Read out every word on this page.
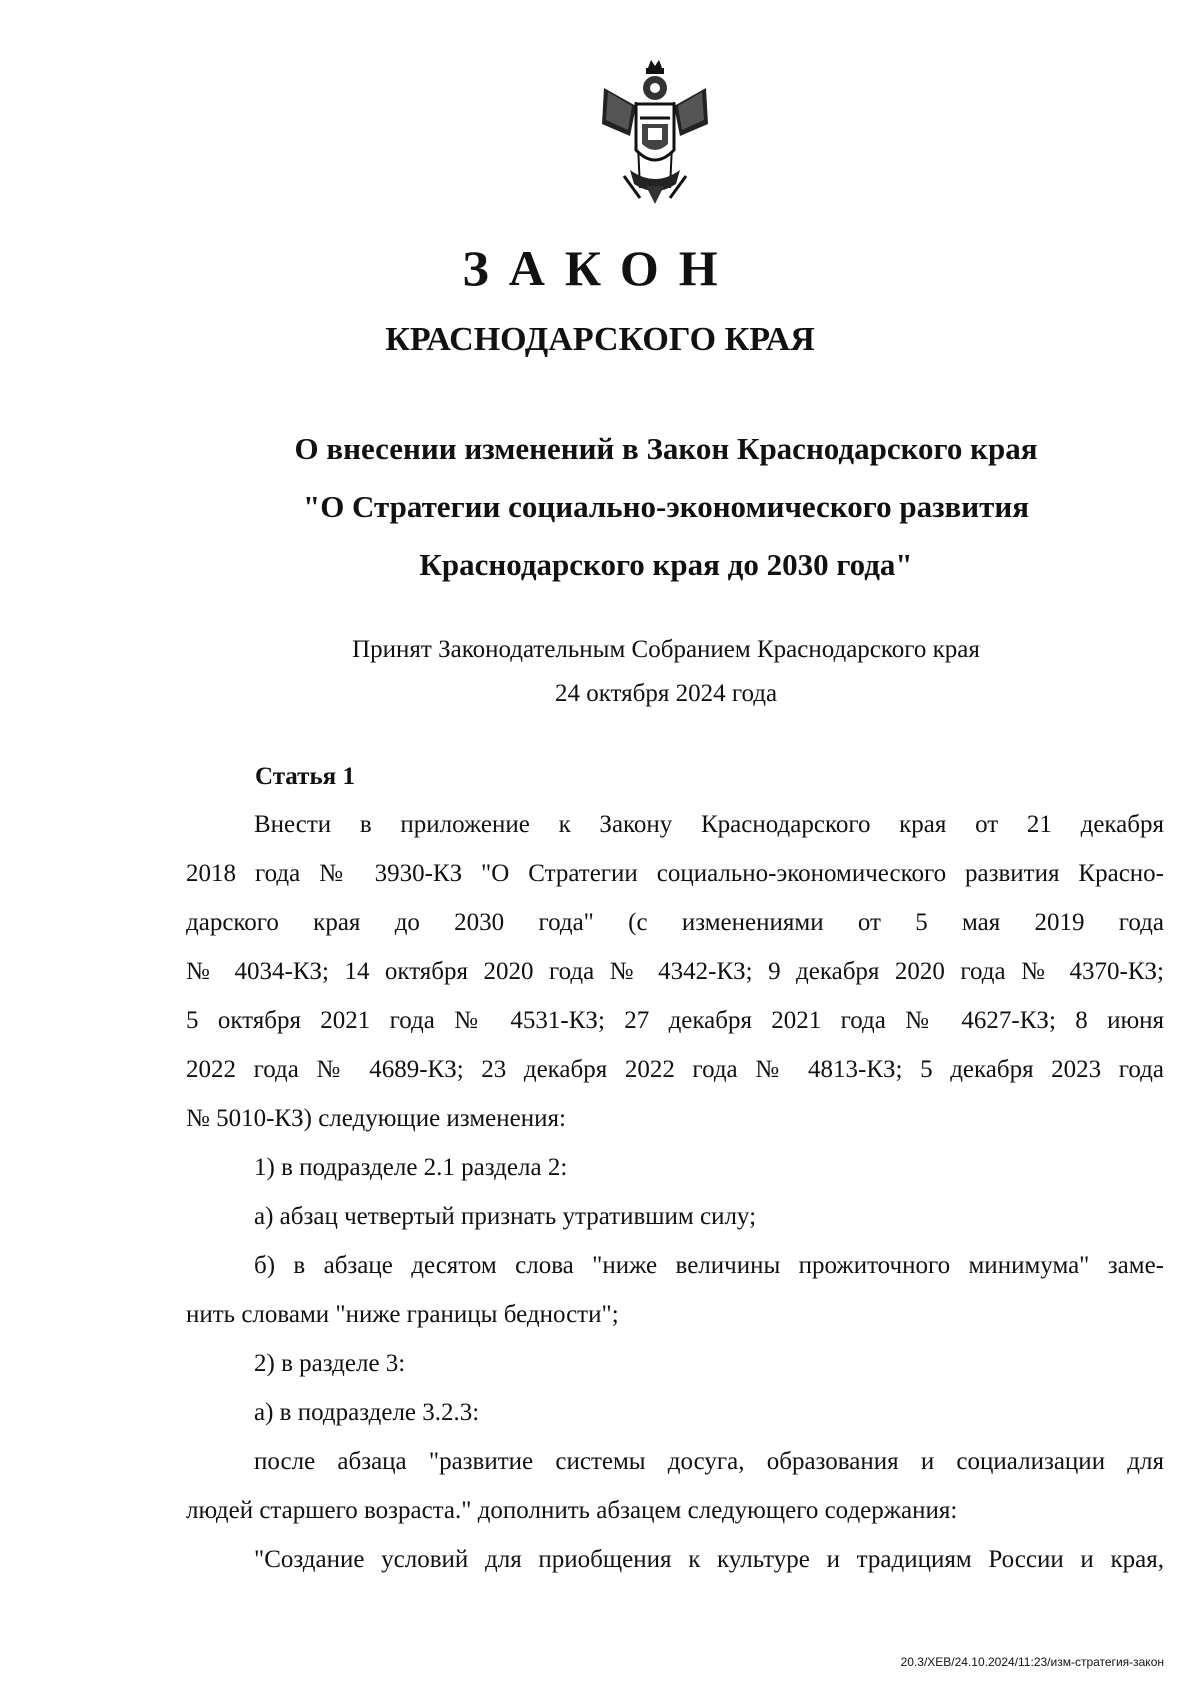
ЗАКОН
КРАСНОДАРСКОГО КРАЯ
О внесении изменений в Закон Краснодарского края
"О Стратегии социально-экономического развития
Краснодарского края до 2030 года"
Принят Законодательным Собранием Краснодарского края
24 октября 2024 года
Статья 1

Внести в приложение к Закону Краснодарского края от 21 декабря

2018 года № 3930-КЗ "О Стратегии социально-экономического развития Красно-

дарского края до 2030 года" (с изменениями от 5 мая 2019 года

№ 4034-КЗ; 14 октября 2020 года № 4342-КЗ; 9 декабря 2020 года № 4370-КЗ;

5 октября 2021 года № 4531-КЗ; 27 декабря 2021 года № 4627-КЗ; 8 июня

2022 года № 4689-КЗ; 23 декабря 2022 года № 4813-КЗ; 5 декабря 2023 года

№ 5010-КЗ) следующие изменения:

1) в подразделе 2.1 раздела 2:

а) абзац четвертый признать утратившим силу;

б) в абзаце десятом слова "ниже величины прожиточного минимума" заме-

нить словами "ниже границы бедности";

2) в разделе 3:

а) в подразделе 3.2.3:

после абзаца "развитие системы досуга, образования и социализации для

людей старшего возраста." дополнить абзацем следующего содержания:

"Создание условий для приобщения к культуре и традициям России и края,

20.3/ХЕВ/24.10.2024/11:23/изм-стратегия-закон
